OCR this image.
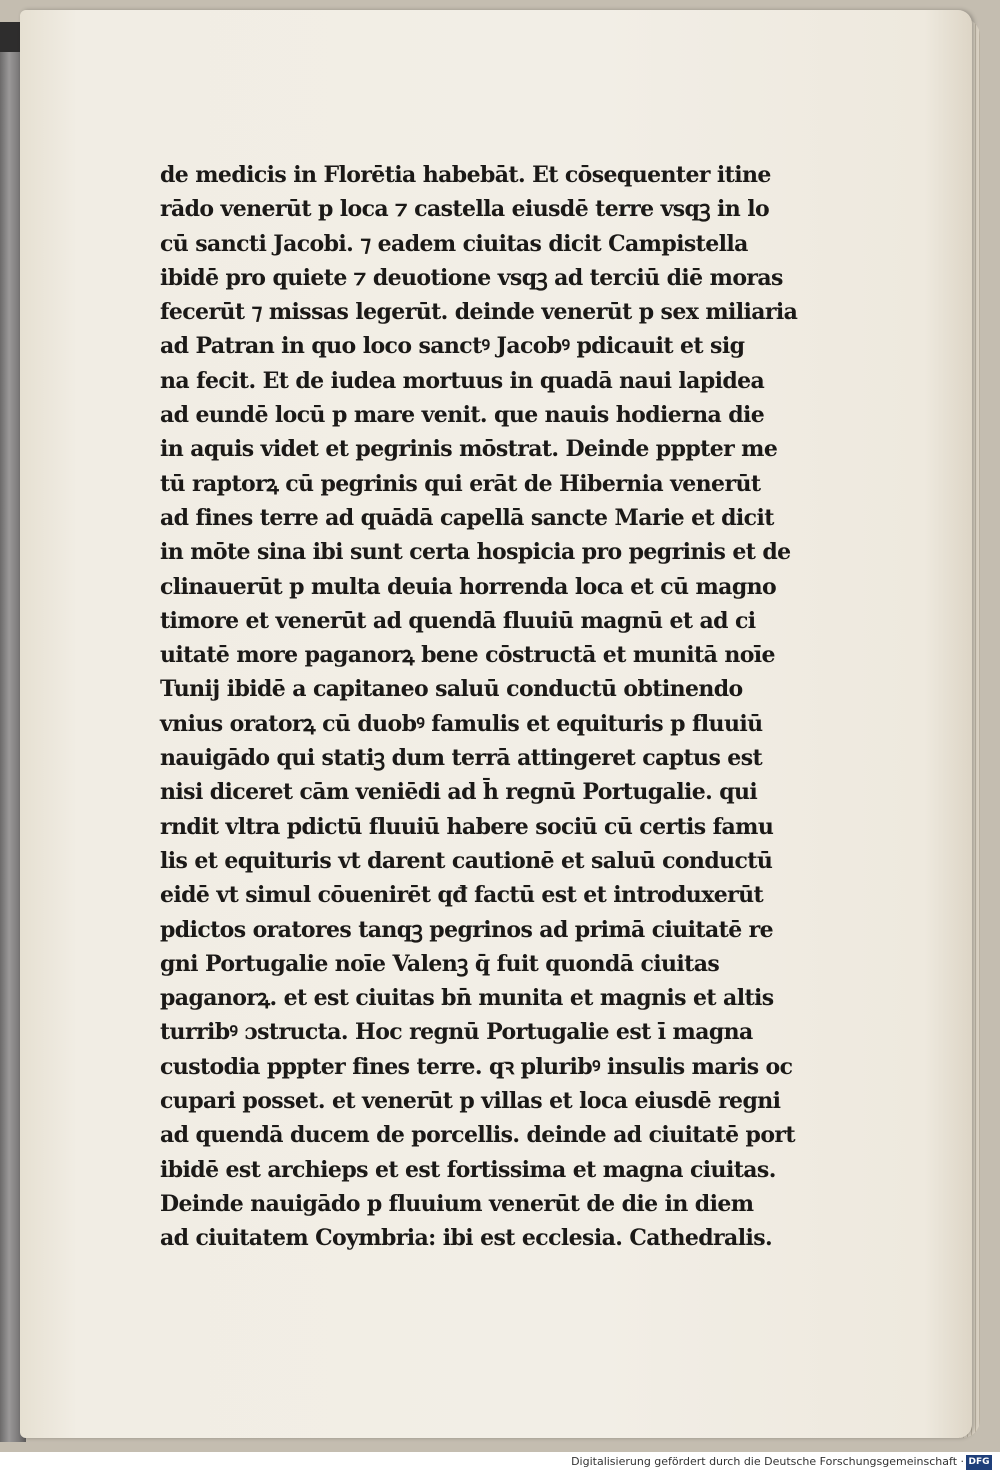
de medicis in Florētia habebāt. Et cōsequenter itine
rādo venerūt p loca ⁊ castella eiusdē terre vsqꝫ in lo
cū sancti Jacobi. ⁊ eadem ciuitas dicit Campistella
ibidē pro quiete ⁊ deuotione vsqꝫ ad terciū diē moras
fecerūt ⁊ missas legerūt. deinde venerūt p sex miliaria
ad Patran in quo loco sanctꝰ Jacobꝰ pdicauit et sig
na fecit. Et de iudea mortuus in quadā naui lapidea
ad eundē locū p mare venit. que nauis hodierna die
in aquis videt et pegrinis mōstrat. Deinde pppter me
tū raptorꝝ cū pegrinis qui erāt de Hibernia venerūt
ad fines terre ad quādā capellā sancte Marie et dicit
in mōte sina ibi sunt certa hospicia pro pegrinis et de
clinauerūt p multa deuia horrenda loca et cū magno
timore et venerūt ad quendā fluuiū magnū et ad ci
uitatē more paganorꝝ bene cōstructā et munitā noīe
Tunij ibidē a capitaneo saluū conductū obtinendo
vnius oratorꝝ cū duobꝰ famulis et equituris p fluuiū
nauigādo qui statiꝫ dum terrā attingeret captus est
nisi diceret cām veniēdi ad h̄ regnū Portugalie. qui
rndit vltra pdictū fluuiū habere sociū cū certis famu
lis et equituris vt darent cautionē et saluū conductū
eidē vt simul cōuenirēt qđ factū est et introduxerūt
pdictos oratores tanqꝫ pegrinos ad primā ciuitatē re
gni Portugalie noīe Valenꝫ q̄ fuit quondā ciuitas
paganorꝝ. et est ciuitas bn̄ munita et magnis et altis
turribꝰ ɔstructa. Hoc regnū Portugalie est ī magna
custodia pppter fines terre. qꝛ pluribꝰ insulis maris oc
cupari posset. et venerūt p villas et loca eiusdē regni
ad quendā ducem de porcellis. deinde ad ciuitatē port
ibidē est archieps et est fortissima et magna ciuitas.
Deinde nauigādo p fluuium venerūt de die in diem
ad ciuitatem Coymbria: ibi est ecclesia. Cathedralis.
Digitalisierung gefördert durch die Deutsche Forschungsgemeinschaft · DFG
